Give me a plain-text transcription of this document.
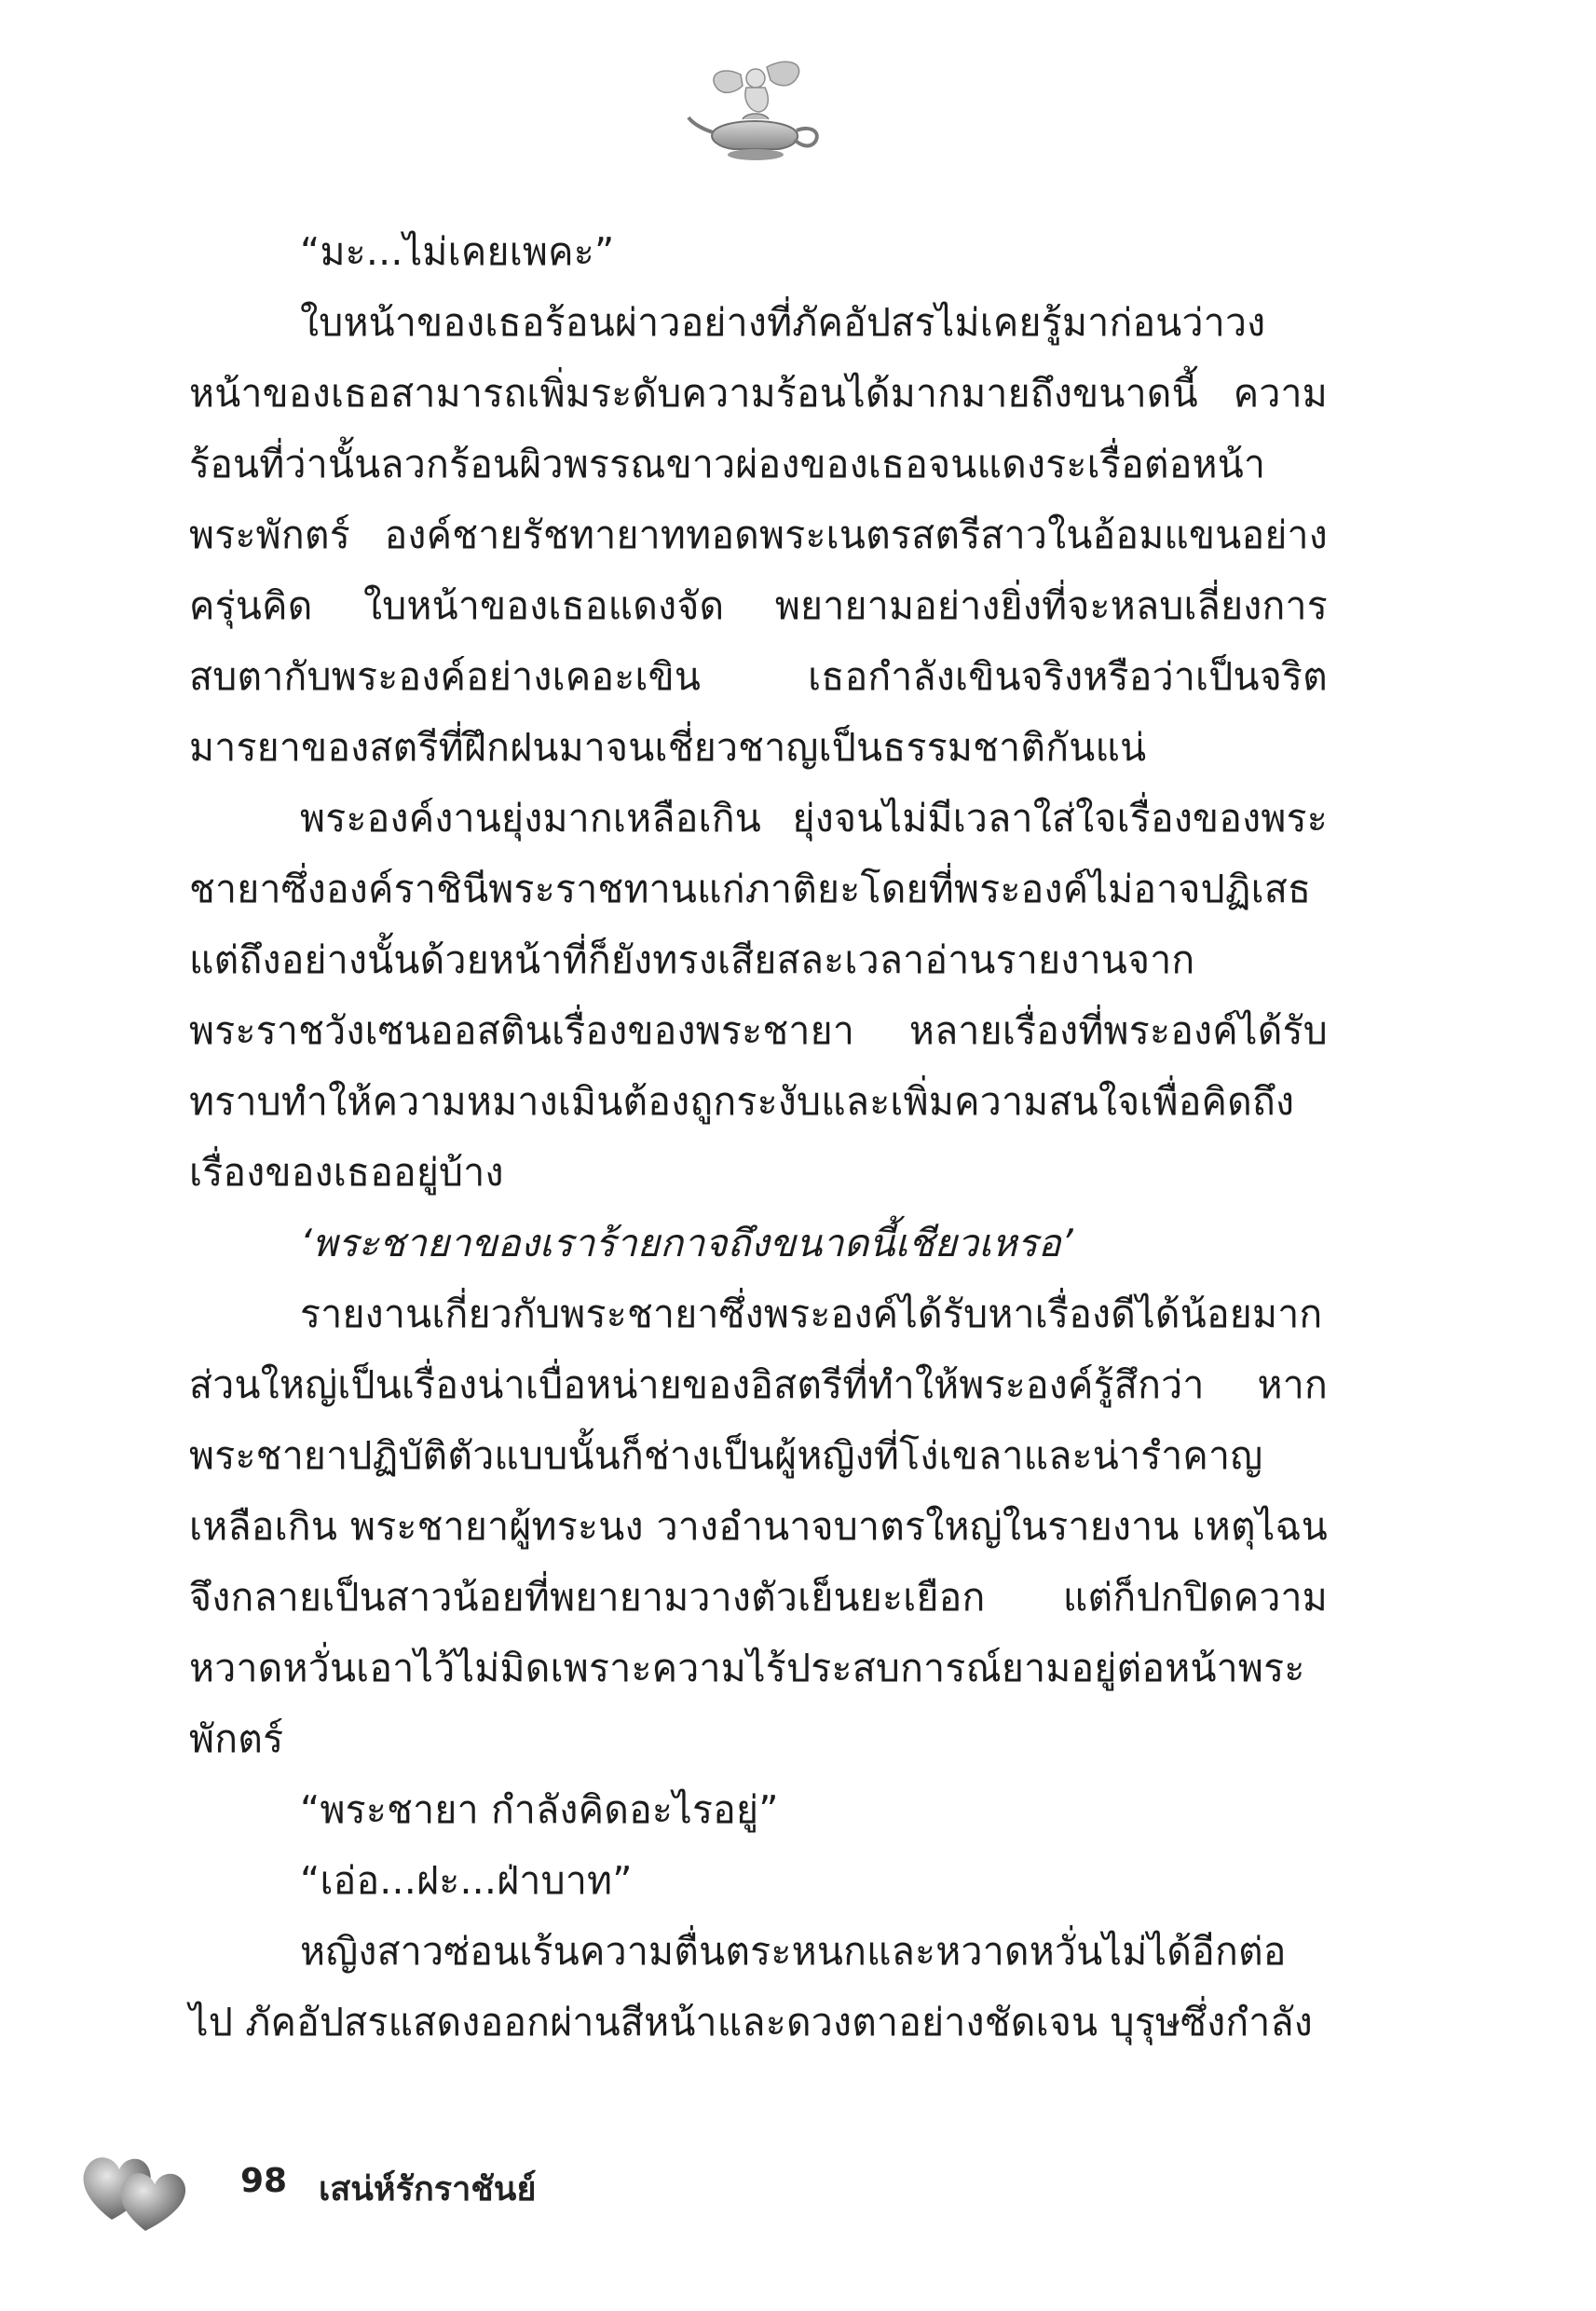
“มะ...ไม่เคยเพคะ”

ใบหน้าของเธอร้อนผ่าวอย่างที่ภัคอัปสรไม่เคยรู้มาก่อนว่าวงหน้าของเธอสามารถเพิ่มระดับความร้อนได้มากมายถึงขนาดนี้ ความร้อนที่ว่านั้นลวกร้อนผิวพรรณขาวผ่องของเธอจนแดงระเรื่อต่อหน้าพระพักตร์ องค์ชายรัชทายาททอดพระเนตรสตรีสาวในอ้อมแขนอย่างครุ่นคิด ใบหน้าของเธอแดงจัด พยายามอย่างยิ่งที่จะหลบเลี่ยงการสบตากับพระองค์อย่างเคอะเขิน เธอกำลังเขินจริงหรือว่าเป็นจริตมารยาของสตรีที่ฝึกฝนมาจนเชี่ยวชาญเป็นธรรมชาติกันแน่

พระองค์งานยุ่งมากเหลือเกิน ยุ่งจนไม่มีเวลาใส่ใจเรื่องของพระชายาซึ่งองค์ราชินีพระราชทานแก่ภาติยะโดยที่พระองค์ไม่อาจปฏิเสธ แต่ถึงอย่างนั้นด้วยหน้าที่ก็ยังทรงเสียสละเวลาอ่านรายงานจากพระราชวังเซนออสตินเรื่องของพระชายา หลายเรื่องที่พระองค์ได้รับทราบทำให้ความหมางเมินต้องถูกระงับและเพิ่มความสนใจเพื่อคิดถึงเรื่องของเธออยู่บ้าง

‘พระชายาของเราร้ายกาจถึงขนาดนี้เชียวเหรอ’

รายงานเกี่ยวกับพระชายาซึ่งพระองค์ได้รับหาเรื่องดีได้น้อยมาก ส่วนใหญ่เป็นเรื่องน่าเบื่อหน่ายของอิสตรีที่ทำให้พระองค์รู้สึกว่า หากพระชายาปฏิบัติตัวแบบนั้นก็ช่างเป็นผู้หญิงที่โง่เขลาและน่ารำคาญเหลือเกิน พระชายาผู้ทระนง วางอำนาจบาตรใหญ่ในรายงาน เหตุไฉนจึงกลายเป็นสาวน้อยที่พยายามวางตัวเย็นยะเยือก แต่ก็ปกปิดความหวาดหวั่นเอาไว้ไม่มิดเพราะความไร้ประสบการณ์ยามอยู่ต่อหน้าพระพักตร์

“พระชายา กำลังคิดอะไรอยู่”

“เอ่อ...ฝะ...ฝ่าบาท”

หญิงสาวซ่อนเร้นความตื่นตระหนกและหวาดหวั่นไม่ได้อีกต่อไป ภัคอัปสรแสดงออกผ่านสีหน้าและดวงตาอย่างชัดเจน บุรุษซึ่งกำลัง

98 เสน่ห์รักราชันย์
